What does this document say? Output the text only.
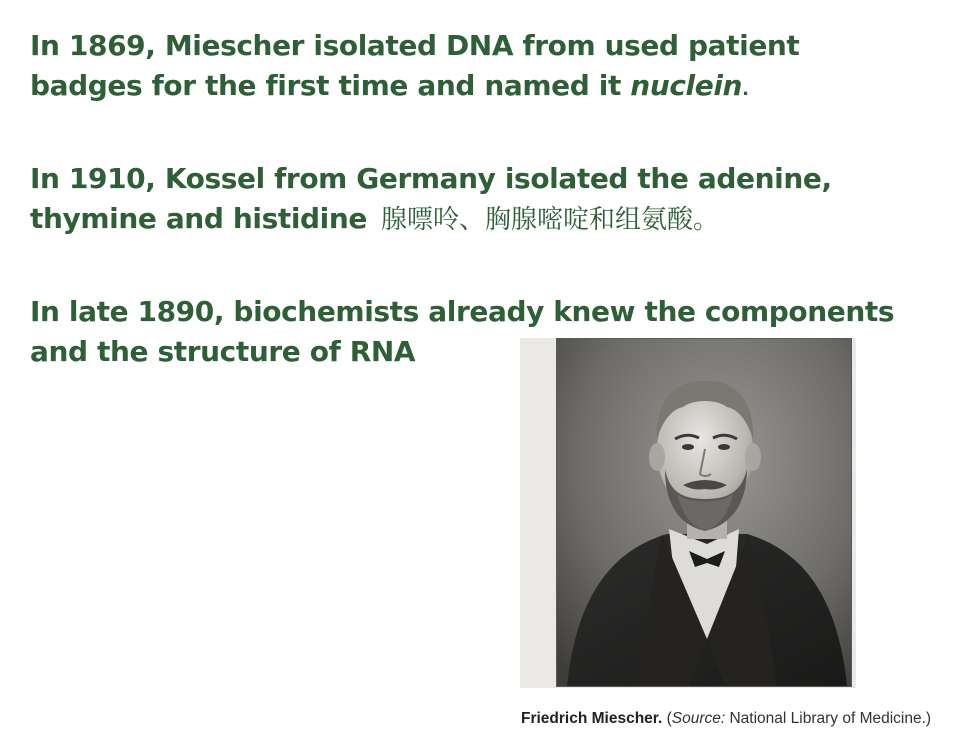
In 1869, Miescher isolated DNA from used patient
badges for the first time and named it nuclein.
In 1910, Kossel from Germany isolated the adenine,
thymine and histidine 腺嘌呤、胸腺嘧啶和组氨酸。
In late 1890, biochemists already knew the components
and the structure of RNA
Friedrich Miescher. (Source: National Library of Medicine.)
